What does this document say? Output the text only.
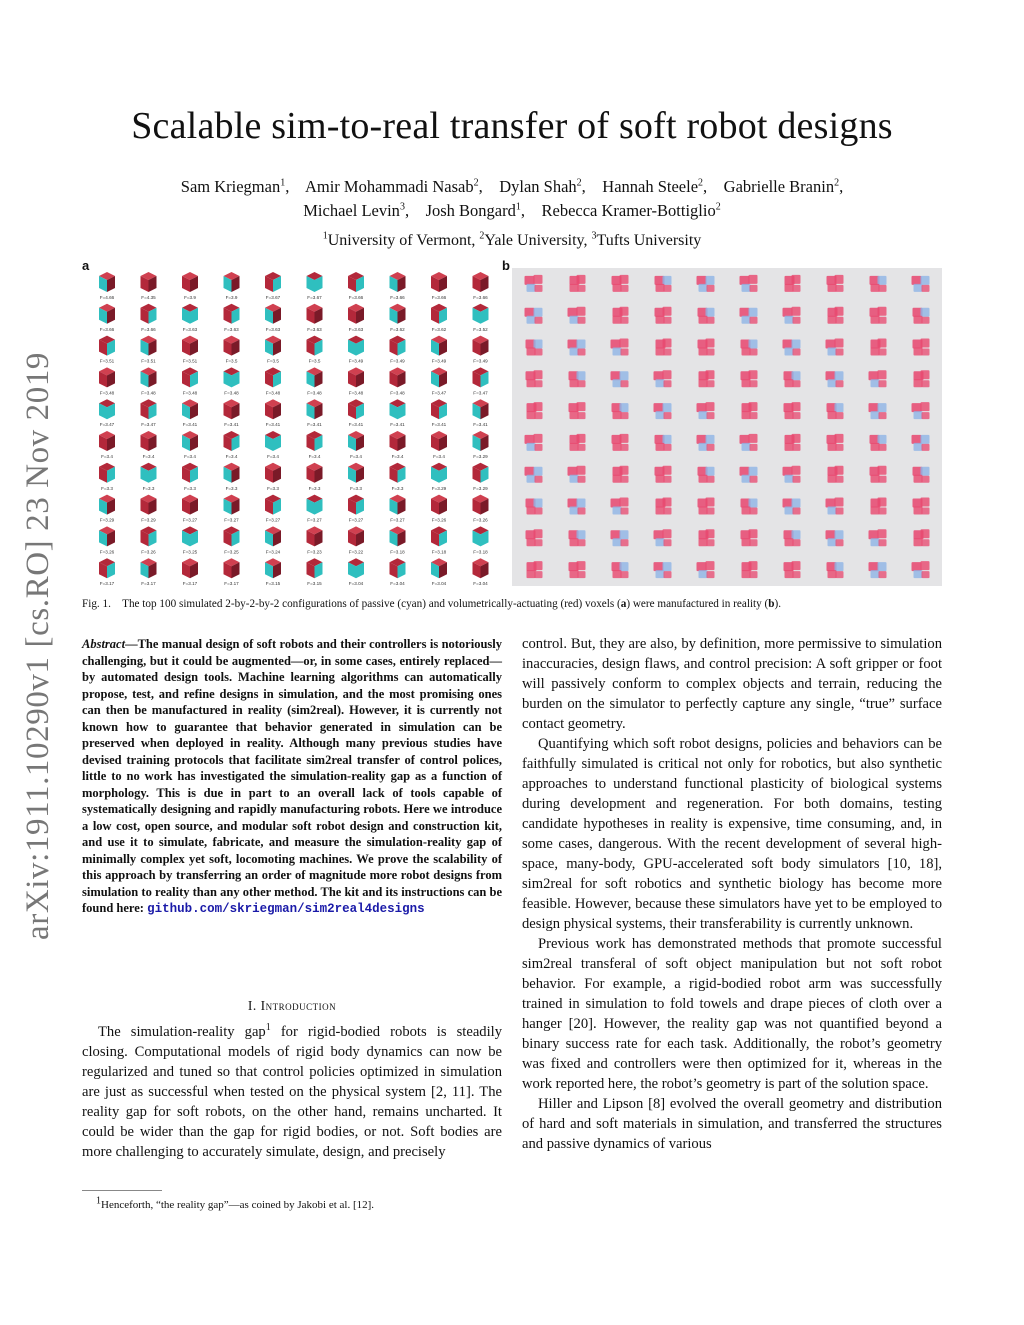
Scalable sim-to-real transfer of soft robot designs
Sam Kriegman$^1$,    Amir Mohammadi Nasab$^2$,    Dylan Shah$^2$,    Hannah Steele$^2$,    Gabrielle Branin$^2$,
Michael Levin$^3$,    Josh Bongard$^1$,    Rebecca Kramer-Bottiglio$^2$
$^1$University of Vermont, $^2$Yale University, $^3$Tufts University
arXiv:1911.10290v1 [cs.RO] 23 Nov 2019
a	b
F=4.66	F=4.35	F=3.9	F=3.9	F=3.67	F=3.67	F=3.66	F=3.66	F=3.66	F=3.66
F=3.66	F=3.66	F=3.63	F=3.63	F=3.63	F=3.63	F=3.63	F=3.62	F=3.62	F=3.52
F=3.51	F=3.51	F=3.51	F=3.5	F=3.5	F=3.5	F=3.49	F=3.49	F=3.49	F=3.49
F=3.48	F=3.48	F=3.48	F=3.48	F=3.48	F=3.48	F=3.48	F=3.48	F=3.47	F=3.47
F=3.47	F=3.47	F=3.41	F=3.41	F=3.41	F=3.41	F=3.41	F=3.41	F=3.41	F=3.41
F=3.4	F=3.4	F=3.4	F=3.4	F=3.4	F=3.4	F=3.4	F=3.4	F=3.4	F=3.29
F=3.3	F=3.3	F=3.3	F=3.3	F=3.3	F=3.3	F=3.3	F=3.3	F=3.29	F=3.29
F=3.29	F=3.29	F=3.27	F=3.27	F=3.27	F=3.27	F=3.27	F=3.27	F=3.26	F=3.26
F=3.26	F=3.26	F=3.25	F=3.25	F=3.24	F=3.23	F=3.22	F=3.18	F=3.18	F=3.18
F=3.17	F=3.17	F=3.17	F=3.17	F=3.15	F=3.15	F=3.04	F=3.04	F=3.04	F=3.04
Fig. 1. The top 100 simulated 2-by-2-by-2 configurations of passive (cyan) and volumetrically-actuating (red) voxels (a) were manufactured in reality (b).
Abstract—The manual design of soft robots and their controllers is notoriously challenging, but it could be augmented—or, in some cases, entirely replaced—by automated design tools. Machine learning algorithms can automatically propose, test, and refine designs in simulation, and the most promising ones can then be manufactured in reality (sim2real). However, it is currently not known how to guarantee that behavior generated in simulation can be preserved when deployed in reality. Although many previous studies have devised training protocols that facilitate sim2real transfer of control polices, little to no work has investigated the simulation-reality gap as a function of morphology. This is due in part to an overall lack of tools capable of systematically designing and rapidly manufacturing robots. Here we introduce a low cost, open source, and modular soft robot design and construction kit, and use it to simulate, fabricate, and measure the simulation-reality gap of minimally complex yet soft, locomoting machines. We prove the scalability of this approach by transferring an order of magnitude more robot designs from simulation to reality than any other method. The kit and its instructions can be found here: github.com/skriegman/sim2real4designs
I. Introduction

The simulation-reality gap$^1$ for rigid-bodied robots is steadily closing. Computational models of rigid body dynamics can now be regularized and tuned so that control policies optimized in simulation are just as successful when tested on the physical system [2, 11]. The reality gap for soft robots, on the other hand, remains uncharted. It could be wider than the gap for rigid bodies, or not. Soft bodies are more challenging to accurately simulate, design, and precisely

$^1$Henceforth, “the reality gap”—as coined by Jakobi et al. [12].

control. But, they are also, by definition, more permissive to simulation inaccuracies, design flaws, and control precision: A soft gripper or foot will passively conform to complex objects and terrain, reducing the burden on the simulator to perfectly capture any single, “true” surface contact geometry.

Quantifying which soft robot designs, policies and behaviors can be faithfully simulated is critical not only for robotics, but also synthetic approaches to understand functional plasticity of biological systems during development and regeneration. For both domains, testing candidate hypotheses in reality is expensive, time consuming, and, in some cases, dangerous. With the recent development of several high-space, many-body, GPU-accelerated soft body simulators [10, 18], sim2real for soft robotics and synthetic biology has become more feasible. However, because these simulators have yet to be employed to design physical systems, their transferability is currently unknown.

Previous work has demonstrated methods that promote successful sim2real transferal of soft object manipulation but not soft robot behavior. For example, a rigid-bodied robot arm was successfully trained in simulation to fold towels and drape pieces of cloth over a hanger [20]. However, the reality gap was not quantified beyond a binary success rate for each task. Additionally, the robot’s geometry was fixed and controllers were then optimized for it, whereas in the work reported here, the robot’s geometry is part of the solution space.

Hiller and Lipson [8] evolved the overall geometry and distribution of hard and soft materials in simulation, and transferred the structures and passive dynamics of various
